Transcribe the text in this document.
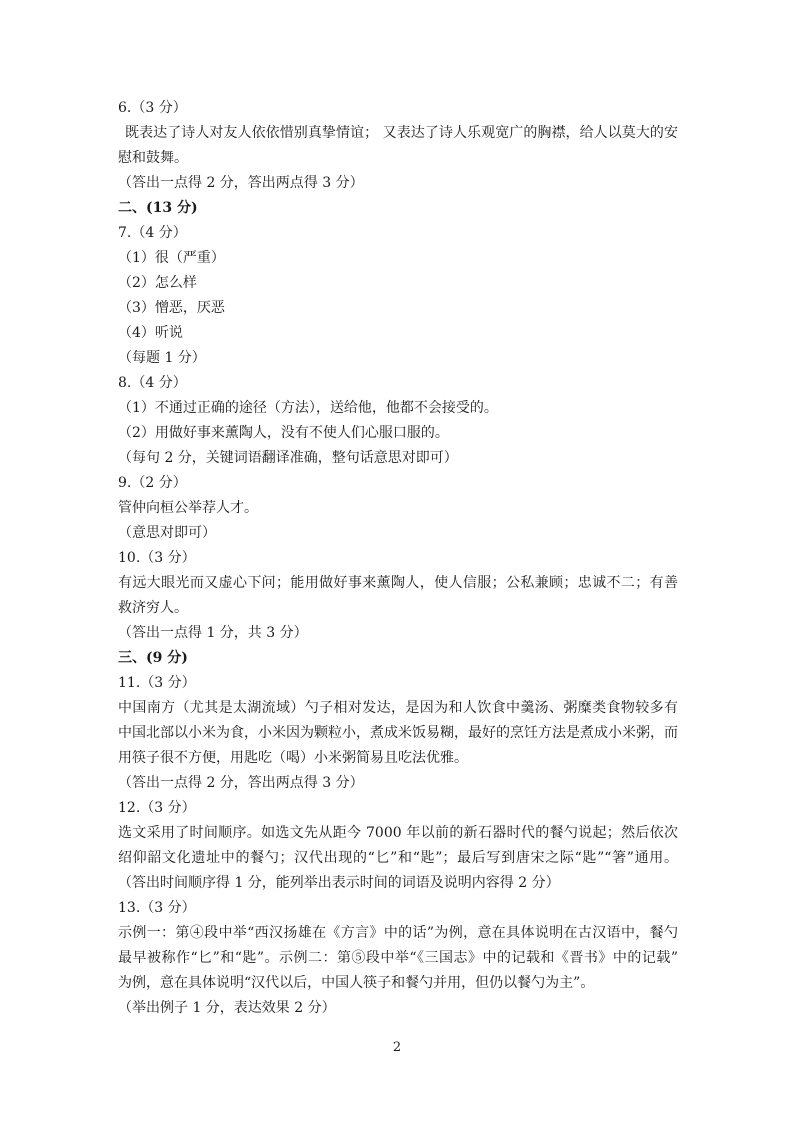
6.（3 分）
既表达了诗人对友人依依惜别真挚情谊； 又表达了诗人乐观宽广的胸襟，给人以莫大的安
慰和鼓舞。
（答出一点得 2 分，答出两点得 3 分）
二、(13 分)
7.（4 分）
（1）很（严重）
（2）怎么样
（3）憎恶，厌恶
（4）听说
（每题 1 分）
8.（4 分）
（1）不通过正确的途径（方法），送给他，他都不会接受的。
（2）用做好事来薰陶人，没有不使人们心服口服的。
（每句 2 分，关键词语翻译准确，整句话意思对即可）
9.（2 分）
管仲向桓公举荐人才。
（意思对即可）
10.（3 分）
有远大眼光而又虚心下问；能用做好事来薰陶人，使人信服；公私兼顾；忠诚不二；有善
救济穷人。
（答出一点得 1 分，共 3 分）
三、(9 分)
11.（3 分）
中国南方（尤其是太湖流域）勺子相对发达，是因为和人饮食中羹汤、粥糜类食物较多有
中国北部以小米为食，小米因为颗粒小，煮成米饭易糊，最好的烹饪方法是煮成小米粥，而
用筷子很不方便，用匙吃（喝）小米粥简易且吃法优雅。
（答出一点得 2 分，答出两点得 3 分）
12.（3 分）
选文采用了时间顺序。如选文先从距今 7000 年以前的新石器时代的餐勺说起；然后依次
绍仰韶文化遗址中的餐勺；汉代出现的“匕”和“匙”；最后写到唐宋之际“匙”“箸”通用。
（答出时间顺序得 1 分，能列举出表示时间的词语及说明内容得 2 分）
13.（3 分）
示例一：第④段中举“西汉扬雄在《方言》中的话”为例，意在具体说明在古汉语中，餐勺
最早被称作“匕”和“匙”。示例二：第⑤段中举“《三国志》中的记载和《晋书》中的记载”
为例，意在具体说明“汉代以后，中国人筷子和餐勺并用，但仍以餐勺为主”。
（举出例子 1 分，表达效果 2 分）
2
